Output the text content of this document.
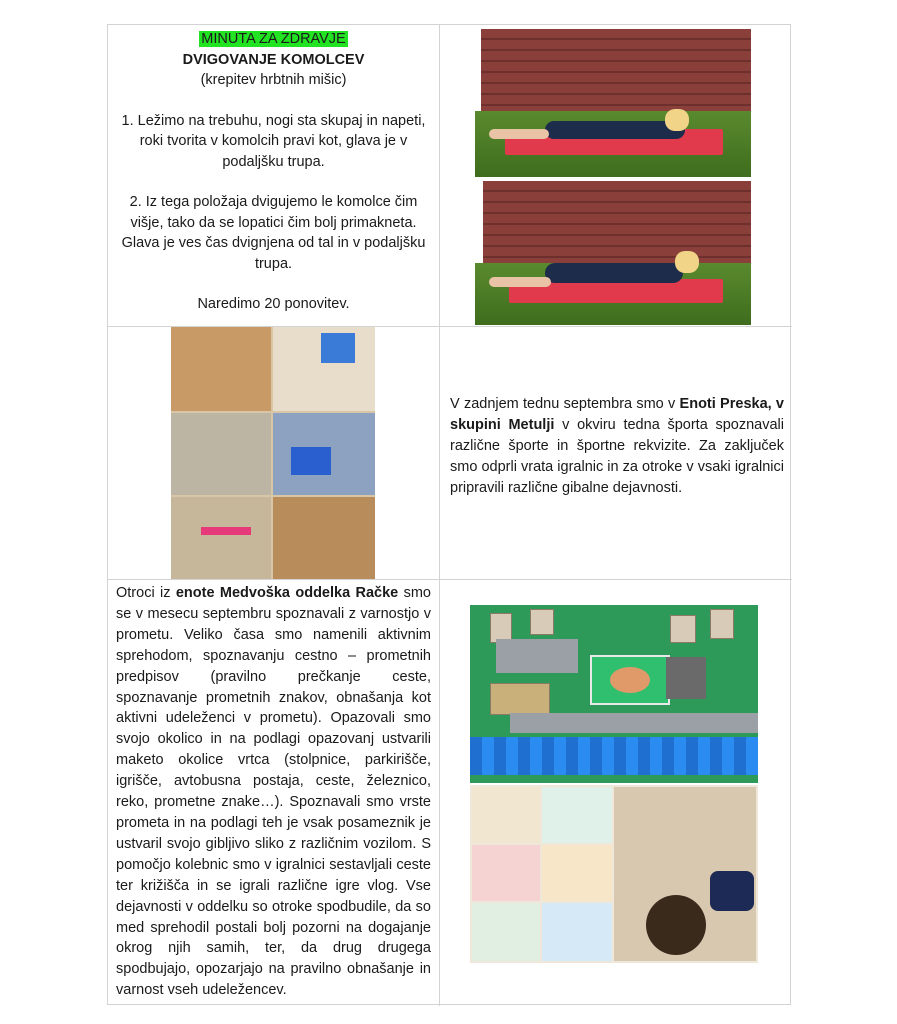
MINUTA ZA ZDRAVJE
DVIGOVANJE KOMOLCEV
(krepitev hrbtnih mišic)
1. Ležimo na trebuhu, nogi sta skupaj in napeti, roki tvorita v komolcih pravi kot, glava je v podaljšku trupa.
2. Iz tega položaja dvigujemo le komolce čim višje, tako da se lopatici čim bolj primakneta. Glava je ves čas dvignjena od tal in v podaljšku trupa.
Naredimo 20 ponovitev.

V zadnjem tednu septembra smo v Enoti Preska, v skupini Metulji v okviru tedna športa spoznavali različne športe in športne rekvizite. Za zaključek smo odprli vrata igralnic in za otroke v vsaki igralnici pripravili različne gibalne dejavnosti.

Otroci iz enote Medvoška oddelka Račke smo se v mesecu septembru spoznavali z varnostjo v prometu. Veliko časa smo namenili aktivnim sprehodom, spoznavanju cestno – prometnih predpisov (pravilno prečkanje ceste, spoznavanje prometnih znakov, obnašanja kot aktivni udeleženci v prometu). Opazovali smo svojo okolico in na podlagi opazovanj ustvarili maketo okolice vrtca (stolpnice, parkirišče, igrišče, avtobusna postaja, ceste, železnico, reko, prometne znake…). Spoznavali smo vrste prometa in na podlagi teh je vsak posameznik je ustvaril svojo gibljivo sliko z različnim vozilom. S pomočjo kolebnic smo v igralnici sestavljali ceste ter križišča in se igrali različne igre vlog. Vse dejavnosti v oddelku so otroke spodbudile, da so med sprehodil postali bolj pozorni na dogajanje okrog njih samih, ter, da drug drugega spodbujajo, opozarjajo na pravilno obnašanje in varnost vseh udeležencev.
